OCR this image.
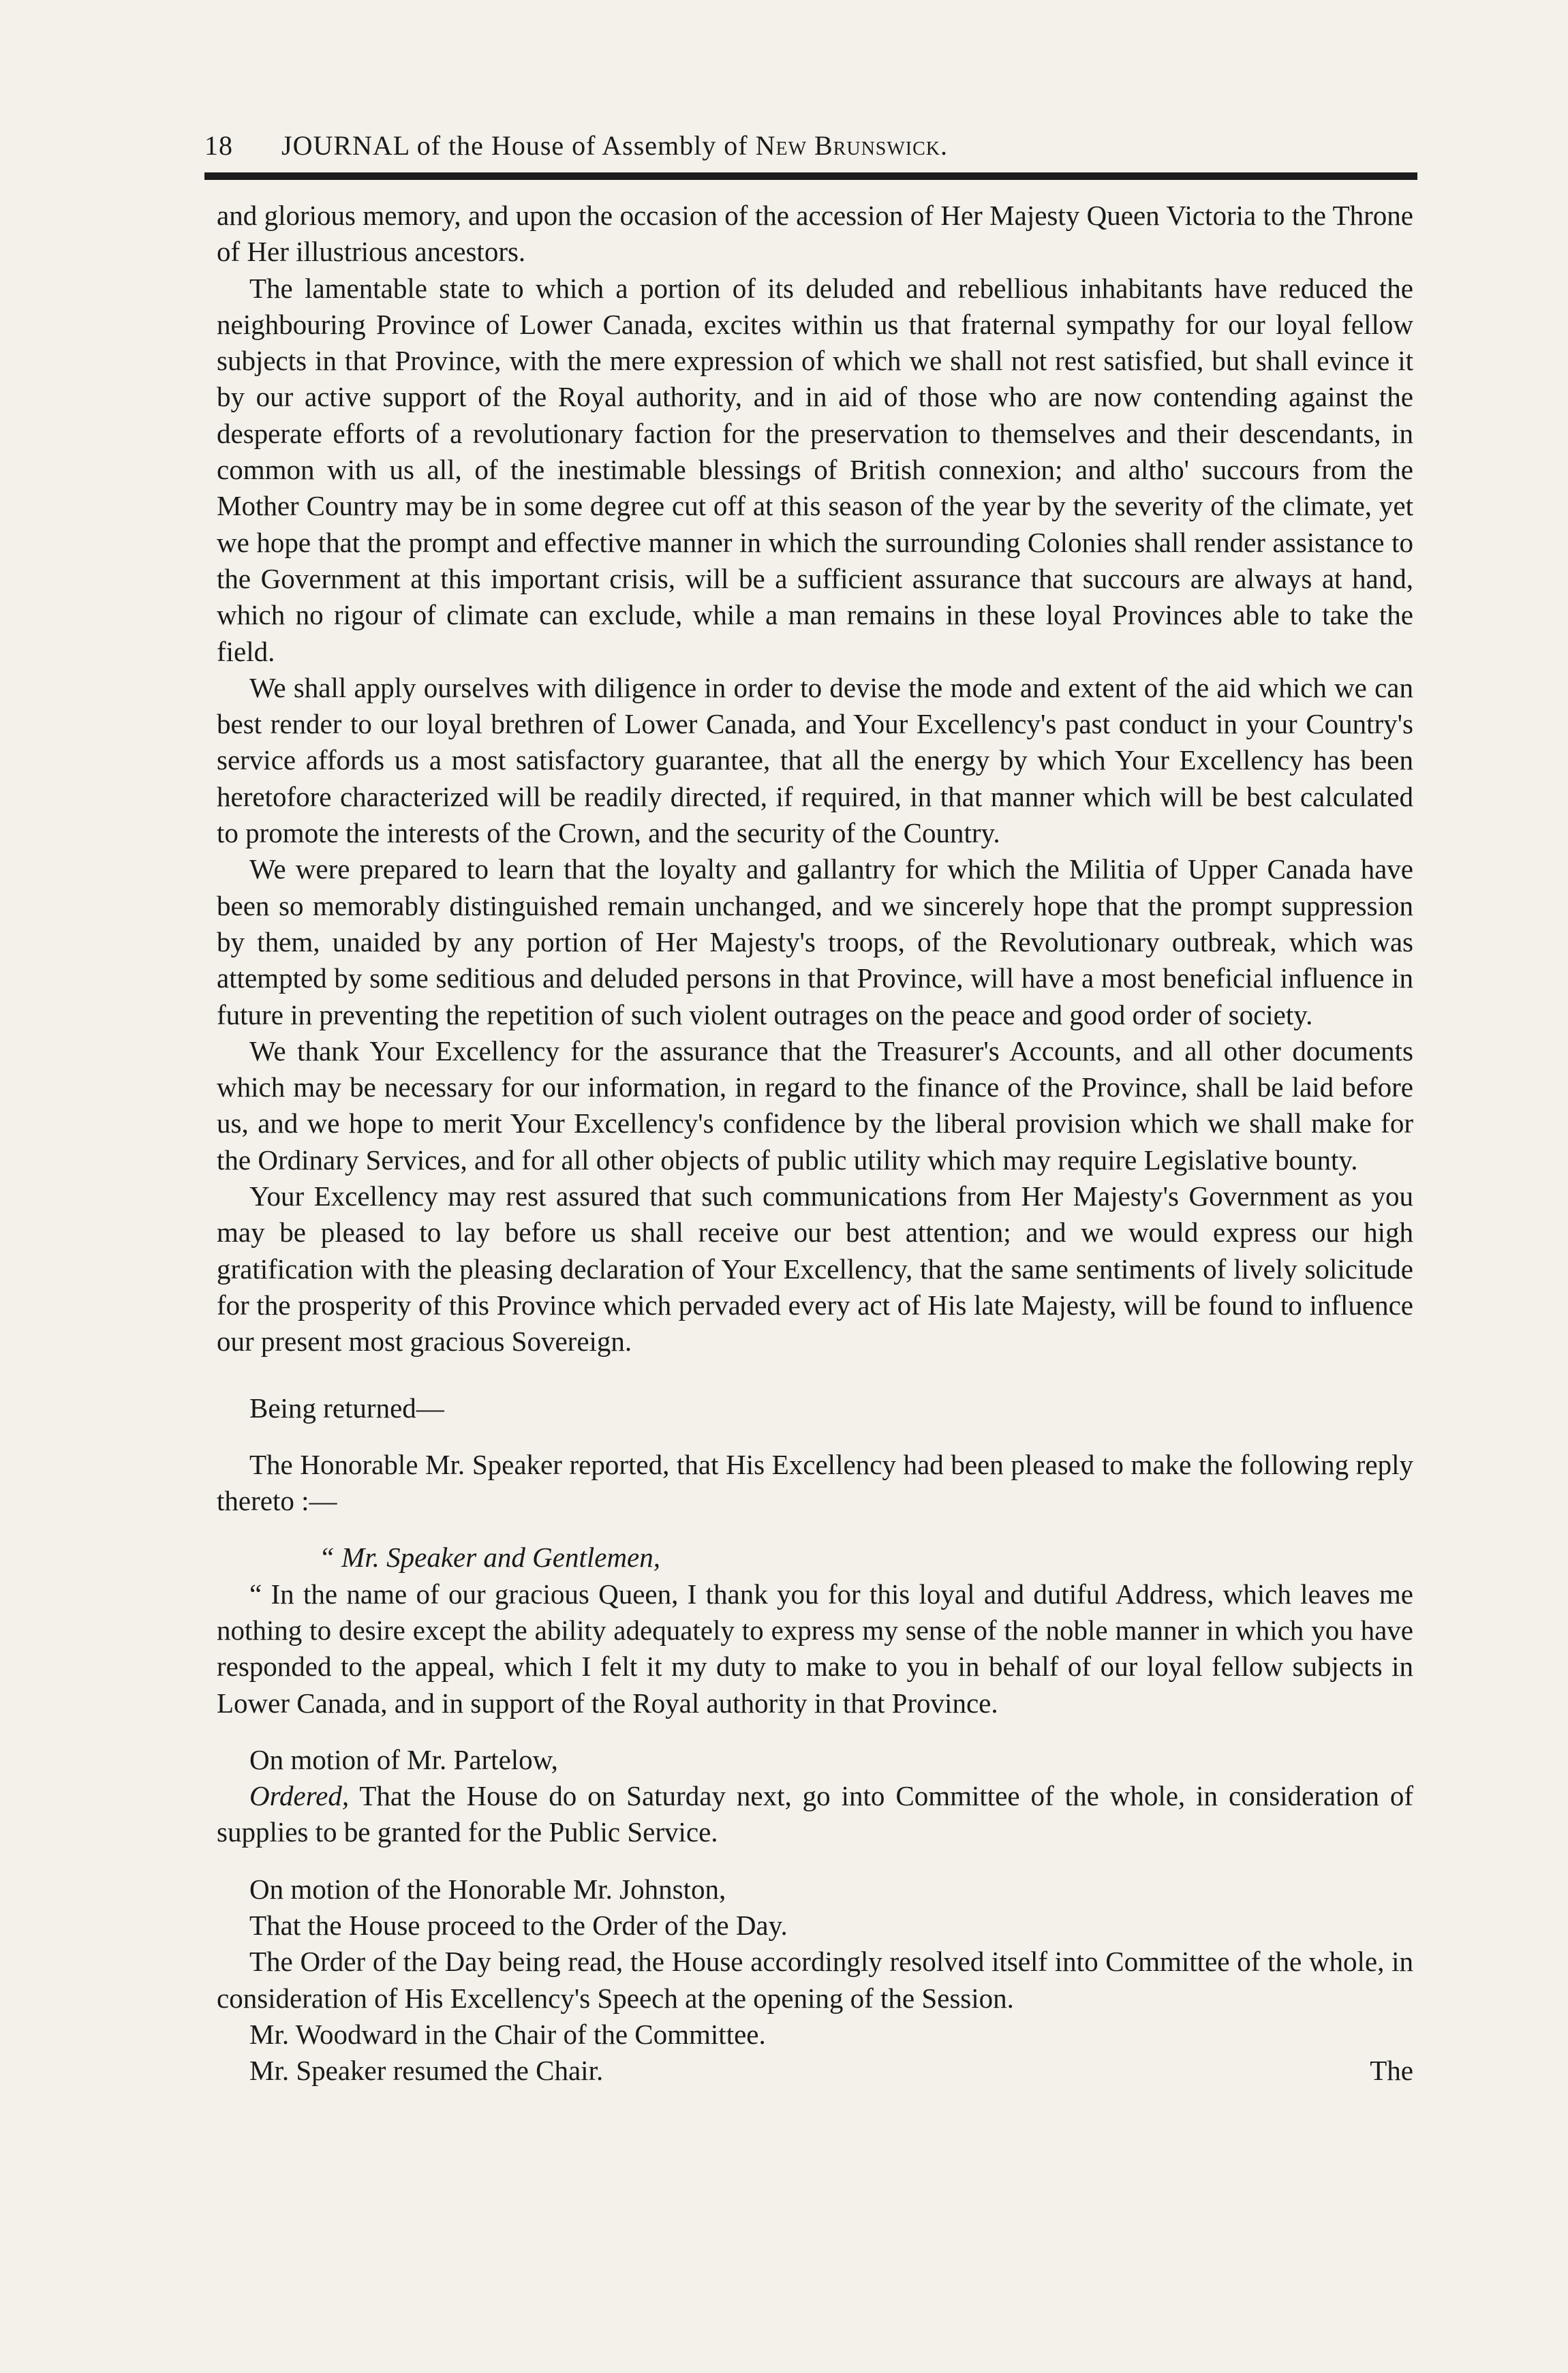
18 JOURNAL of the House of Assembly of New Brunswick.

and glorious memory, and upon the occasion of the accession of Her Majesty Queen Victoria to the Throne of Her illustrious ancestors.

The lamentable state to which a portion of its deluded and rebellious inhabitants have reduced the neighbouring Province of Lower Canada, excites within us that fraternal sympathy for our loyal fellow subjects in that Province, with the mere expression of which we shall not rest satisfied, but shall evince it by our active support of the Royal authority, and in aid of those who are now contending against the desperate efforts of a revolutionary faction for the preservation to themselves and their descendants, in common with us all, of the inestimable blessings of British connexion; and altho' succours from the Mother Country may be in some degree cut off at this season of the year by the severity of the climate, yet we hope that the prompt and effective manner in which the surrounding Colonies shall render assistance to the Government at this important crisis, will be a sufficient assurance that succours are always at hand, which no rigour of climate can exclude, while a man remains in these loyal Provinces able to take the field.

We shall apply ourselves with diligence in order to devise the mode and extent of the aid which we can best render to our loyal brethren of Lower Canada, and Your Excellency's past conduct in your Country's service affords us a most satisfactory guarantee, that all the energy by which Your Excellency has been heretofore characterized will be readily directed, if required, in that manner which will be best calculated to promote the interests of the Crown, and the security of the Country.

We were prepared to learn that the loyalty and gallantry for which the Militia of Upper Canada have been so memorably distinguished remain unchanged, and we sincerely hope that the prompt suppression by them, unaided by any portion of Her Majesty's troops, of the Revolutionary outbreak, which was attempted by some seditious and deluded persons in that Province, will have a most beneficial influence in future in preventing the repetition of such violent outrages on the peace and good order of society.

We thank Your Excellency for the assurance that the Treasurer's Accounts, and all other documents which may be necessary for our information, in regard to the finance of the Province, shall be laid before us, and we hope to merit Your Excellency's confidence by the liberal provision which we shall make for the Ordinary Services, and for all other objects of public utility which may require Legislative bounty.

Your Excellency may rest assured that such communications from Her Majesty's Government as you may be pleased to lay before us shall receive our best attention; and we would express our high gratification with the pleasing declaration of Your Excellency, that the same sentiments of lively solicitude for the prosperity of this Province which pervaded every act of His late Majesty, will be found to influence our present most gracious Sovereign.

Being returned—

The Honorable Mr. Speaker reported, that His Excellency had been pleased to make the following reply thereto :—

“ Mr. Speaker and Gentlemen,

“ In the name of our gracious Queen, I thank you for this loyal and dutiful Address, which leaves me nothing to desire except the ability adequately to express my sense of the noble manner in which you have responded to the appeal, which I felt it my duty to make to you in behalf of our loyal fellow subjects in Lower Canada, and in support of the Royal authority in that Province.

On motion of Mr. Partelow,

Ordered, That the House do on Saturday next, go into Committee of the whole, in consideration of supplies to be granted for the Public Service.

On motion of the Honorable Mr. Johnston,

That the House proceed to the Order of the Day.

The Order of the Day being read, the House accordingly resolved itself into Committee of the whole, in consideration of His Excellency's Speech at the opening of the Session.

Mr. Woodward in the Chair of the Committee.

Mr. Speaker resumed the Chair.	The
